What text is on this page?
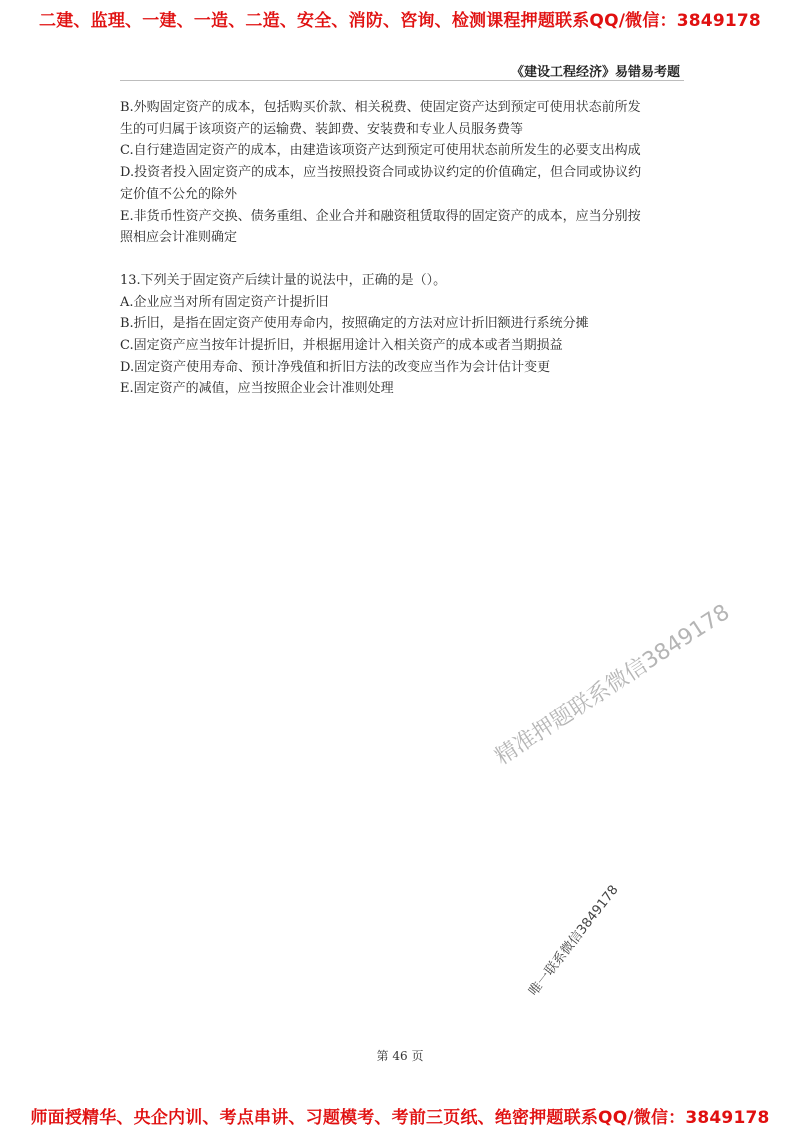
二建、监理、一建、一造、二造、安全、消防、咨询、检测课程押题联系QQ/微信：3849178
《建设工程经济》易错易考题
B.外购固定资产的成本，包括购买价款、相关税费、使固定资产达到预定可使用状态前所发
生的可归属于该项资产的运输费、装卸费、安装费和专业人员服务费等
C.自行建造固定资产的成本，由建造该项资产达到预定可使用状态前所发生的必要支出构成
D.投资者投入固定资产的成本，应当按照投资合同或协议约定的价值确定，但合同或协议约
定价值不公允的除外
E.非货币性资产交换、债务重组、企业合并和融资租赁取得的固定资产的成本，应当分别按
照相应会计准则确定
13.下列关于固定资产后续计量的说法中，正确的是（）。
A.企业应当对所有固定资产计提折旧
B.折旧，是指在固定资产使用寿命内，按照确定的方法对应计折旧额进行系统分摊
C.固定资产应当按年计提折旧，并根据用途计入相关资产的成本或者当期损益
D.固定资产使用寿命、预计净残值和折旧方法的改变应当作为会计估计变更
E.固定资产的减值，应当按照企业会计准则处理
精准押题联系微信3849178
唯一联系微信3849178
第 46 页
师面授精华、央企内训、考点串讲、习题模考、考前三页纸、绝密押题联系QQ/微信：3849178
